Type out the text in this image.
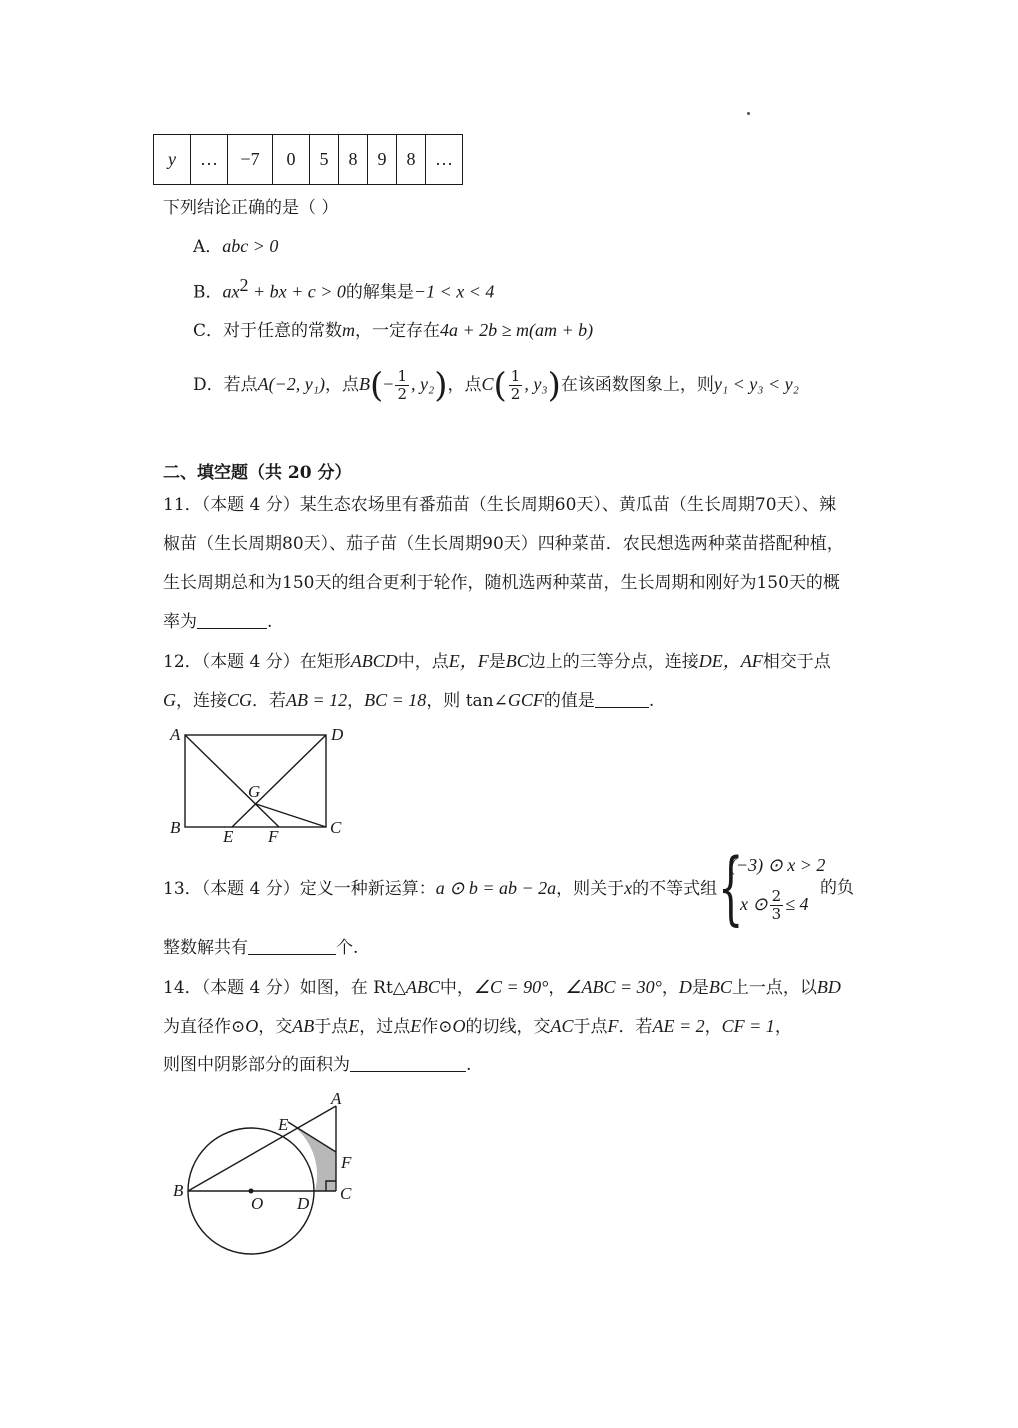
y	…	−7	0	5	8	9	8	…
下列结论正确的是（ ）
A．abc > 0
B．$ax^2$ + bx + c > 0的解集是−1 < x < 4
C．对于任意的常数m，一定存在4a + 2b ≥ m(am + b)
D．若点A(−2, y₁)，点$B(- \frac{1}{2}$ , y₂)，点$C( \frac{1}{2}$ , y₃)在该函数图象上，则y₁ < y₃ < y₂
二、填空题（共 20 分）
11．（本题 4 分）某生态农场里有番茄苗（生长周期60天）、黄瓜苗（生长周期70天）、辣
椒苗（生长周期80天）、茄子苗（生长周期90天）四种菜苗．农民想选两种菜苗搭配种植，
生长周期总和为150天的组合更利于轮作，随机选两种菜苗，生长周期和刚好为150天的概
率为	.
12．（本题 4 分）在矩形ABCD中，点E，F是BC边上的三等分点，连接DE，AF相交于点
G，连接CG．若AB = 12，BC = 18，则 tan∠GCF的值是	.
A	D
G
B	E F	C
13．（本题 4 分）定义一种新运算：a ⊙ b = ab − 2a，则关于x的不等式组 {
(−3) ⊙ x > 2
x ⊙ $\frac{2}{3} \le 4$
的负
整数解共有	个.
14．（本题 4 分）如图，在 Rt△ABC中，∠C = 90°，∠ABC = 30°，D是BC上一点，以BD
为直径作⊙O，交AB于点E，过点E作⊙O的切线，交AC于点F．若AE = 2，CF = 1，
则图中阴影部分的面积为	.
A
E
F
B
O D
C
